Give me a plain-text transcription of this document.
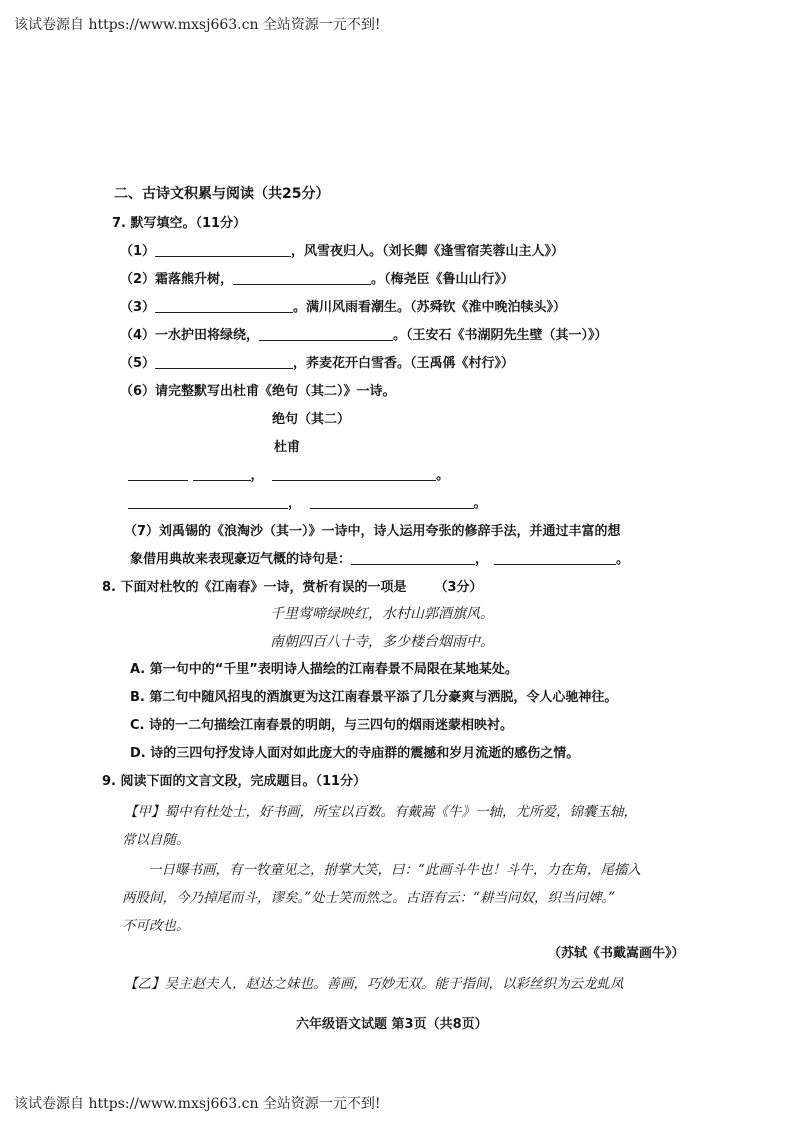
该试卷源自 https://www.mxsj663.cn 全站资源一元不到!
二、古诗文积累与阅读（共25分）
7. 默写填空。（11分）
（1）	，风雪夜归人。（刘长卿《逢雪宿芙蓉山主人》）
（2）霜落熊升树，	。（梅尧臣《鲁山山行》）
（3）	。满川风雨看潮生。（苏舜钦《淮中晚泊犊头》）
（4）一水护田将绿绕，	。（王安石《书湖阴先生壁（其一）》）
（5）	，荞麦花开白雪香。（王禹偁《村行》）
（6）请完整默写出杜甫《绝句（其二）》一诗。
绝句（其二）
杜甫
，	。
，	。
（7）刘禹锡的《浪淘沙（其一）》一诗中，诗人运用夸张的修辞手法，并通过丰富的想
象借用典故来表现豪迈气概的诗句是：	，	。
8. 下面对杜牧的《江南春》一诗，赏析有误的一项是 （3分）
千里莺啼绿映红，水村山郭酒旗风。
南朝四百八十寺，多少楼台烟雨中。
A. 第一句中的“千里”表明诗人描绘的江南春景不局限在某地某处。
B. 第二句中随风招曳的酒旗更为这江南春景平添了几分豪爽与洒脱，令人心驰神往。
C. 诗的一二句描绘江南春景的明朗，与三四句的烟雨迷蒙相映衬。
D. 诗的三四句抒发诗人面对如此庞大的寺庙群的震撼和岁月流逝的感伤之情。
9. 阅读下面的文言文段，完成题目。（11分）
【甲】蜀中有杜处士，好书画，所宝以百数。有戴嵩《牛》一轴，尤所爱，锦囊玉轴，
常以自随。
一日曝书画，有一牧童见之，拊掌大笑，曰：“此画斗牛也！斗牛，力在角，尾搐入
两股间，今乃掉尾而斗，谬矣。”处士笑而然之。古语有云：“耕当问奴，织当问婢。”
不可改也。
（苏轼《书戴嵩画牛》）
【乙】吴主赵夫人，赵达之妹也。善画，巧妙无双。能于指间，以彩丝织为云龙虬凤
六年级语文试题 第3页（共8页）
该试卷源自 https://www.mxsj663.cn 全站资源一元不到!
